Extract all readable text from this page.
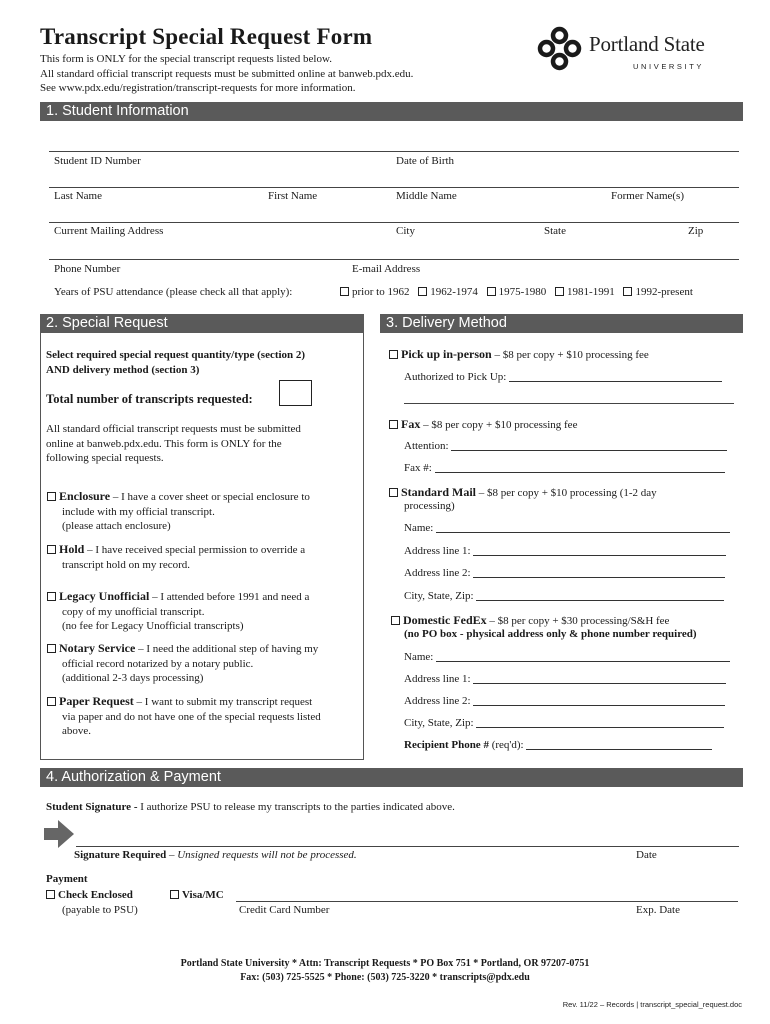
Transcript Special Request Form
This form is ONLY for the special transcript requests listed below.
All standard official transcript requests must be submitted online at banweb.pdx.edu.
See www.pdx.edu/registration/transcript-requests for more information.
Portland State
UNIVERSITY
1. Student Information
Student ID Number	Date of Birth
Last Name	First Name	Middle Name	Former Name(s)
Current Mailing Address	City	State	Zip
Phone Number	E-mail Address
Years of PSU attendance (please check all that apply):	prior to 1962 1962-1974 1975-1980 1981-1991 1992-present
2. Special Request
Select required special request quantity/type (section 2)
AND delivery method (section 3)
Total number of transcripts requested:
All standard official transcript requests must be submitted
online at banweb.pdx.edu. This form is ONLY for the
following special requests.
Enclosure – I have a cover sheet or special enclosure to
include with my official transcript.
(please attach enclosure)
Hold – I have received special permission to override a
transcript hold on my record.
Legacy Unofficial – I attended before 1991 and need a
copy of my unofficial transcript.
(no fee for Legacy Unofficial transcripts)
Notary Service – I need the additional step of having my
official record notarized by a notary public.
(additional 2-3 days processing)
Paper Request – I want to submit my transcript request
via paper and do not have one of the special requests listed
above.
3. Delivery Method
Pick up in-person – $8 per copy + $10 processing fee
Authorized to Pick Up:
Fax – $8 per copy + $10 processing fee
Attention:
Fax #:
Standard Mail – $8 per copy + $10 processing (1-2 day
processing)
Name:
Address line 1:
Address line 2:
City, State, Zip:
Domestic FedEx – $8 per copy + $30 processing/S&H fee
(no PO box - physical address only & phone number required)
Name:
Address line 1:
Address line 2:
City, State, Zip:
Recipient Phone # (req'd):
4. Authorization & Payment
Student Signature - I authorize PSU to release my transcripts to the parties indicated above.
Signature Required – Unsigned requests will not be processed.	Date
Payment
Check Enclosed
(payable to PSU)
Visa/MC
Credit Card Number	Exp. Date
Portland State University * Attn: Transcript Requests * PO Box 751 * Portland, OR 97207-0751
Fax: (503) 725-5525 * Phone: (503) 725-3220 * transcripts@pdx.edu
Rev. 11/22 – Records | transcript_special_request.doc
